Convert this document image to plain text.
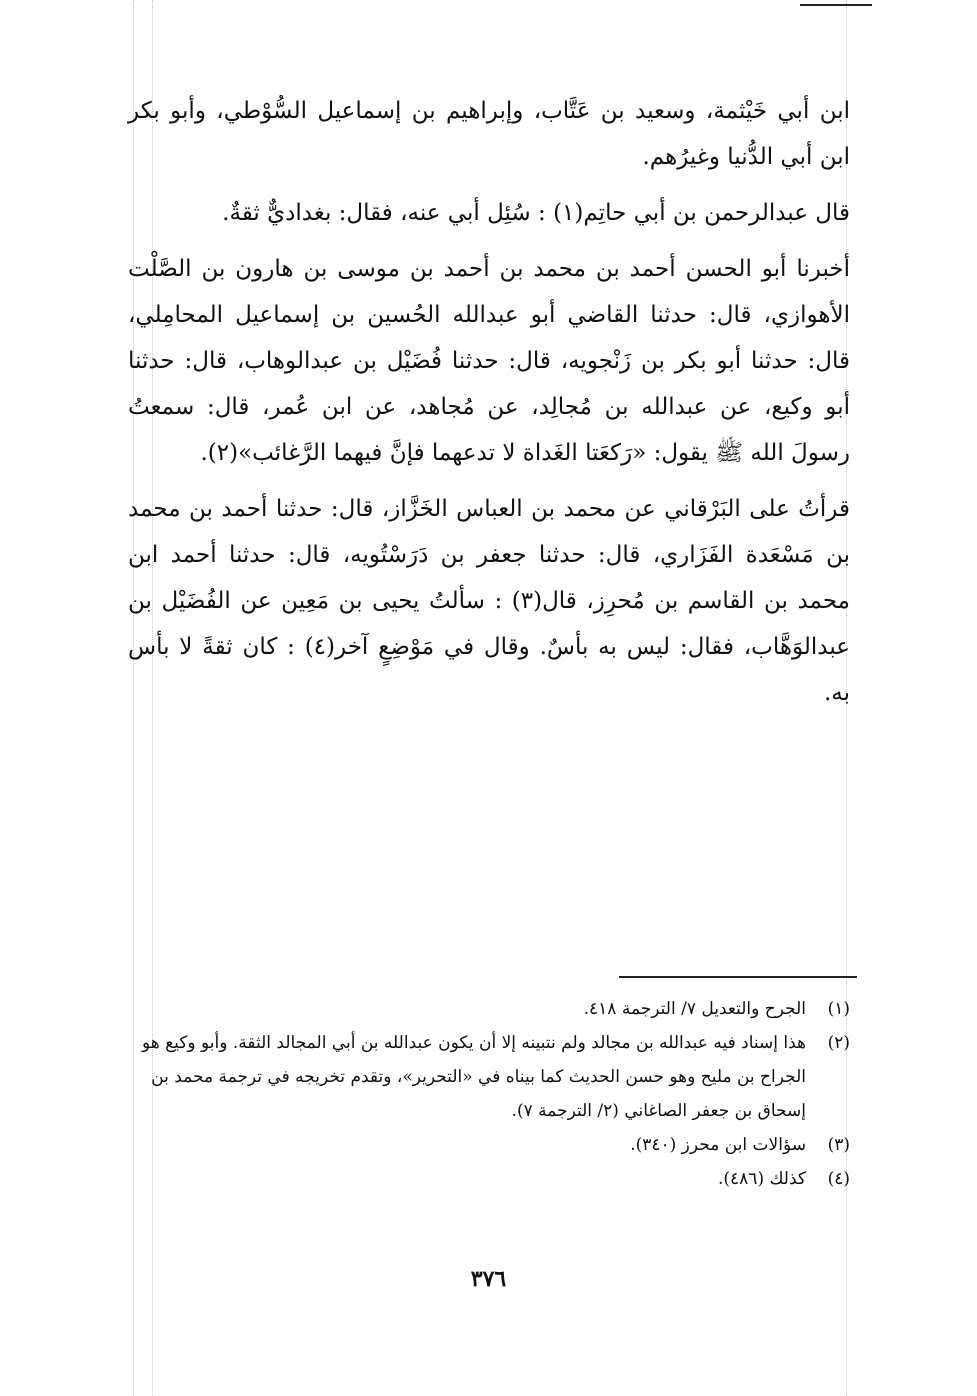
ابن أبي خَيْثمة، وسعيد بن عَتَّاب، وإبراهيم بن إسماعيل السُّوْطي، وأبو بكر ابن أبي الدُّنيا وغيرُهم.

قال عبدالرحمن بن أبي حاتِم(١) : سُئِل أبي عنه، فقال: بغداديٌّ ثقةٌ.

أخبرنا أبو الحسن أحمد بن محمد بن أحمد بن موسى بن هارون بن الصَّلْت الأهوازي، قال: حدثنا القاضي أبو عبدالله الحُسين بن إسماعيل المحامِلي، قال: حدثنا أبو بكر بن زَنْجويه، قال: حدثنا فُضَيْل بن عبدالوهاب، قال: حدثنا أبو وكيع، عن عبدالله بن مُجالِد، عن مُجاهد، عن ابن عُمر، قال: سمعتُ رسولَ الله ﷺ يقول: «رَكعَتا الغَداة لا تدعهما فإنَّ فيهما الرَّغائب»(٢).

قرأتُ على البَرْقاني عن محمد بن العباس الخَزَّاز، قال: حدثنا أحمد بن محمد بن مَسْعَدة الفَزَاري، قال: حدثنا جعفر بن دَرَسْتُويه، قال: حدثنا أحمد ابن محمد بن القاسم بن مُحرِز، قال(٣) : سألتُ يحيى بن مَعِين عن الفُضَيْل بن عبدالوَهَّاب، فقال: ليس به بأسٌ. وقال في مَوْضِعٍ آخر(٤) : كان ثقةً لا بأس به.

(١)
الجرح والتعديل ٧/ الترجمة ٤١٨.
(٢)
هذا إسناد فيه عبدالله بن مجالد ولم نتبينه إلا أن يكون عبدالله بن أبي المجالد الثقة. وأبو وكيع هو الجراح بن مليح وهو حسن الحديث كما بيناه في «التحرير»، وتقدم تخريجه في ترجمة محمد بن إسحاق بن جعفر الصاغاني (٢/ الترجمة ٧).
(٣)
سؤالات ابن محرز (٣٤٠).
(٤)
كذلك (٤٨٦).
٣٧٦
